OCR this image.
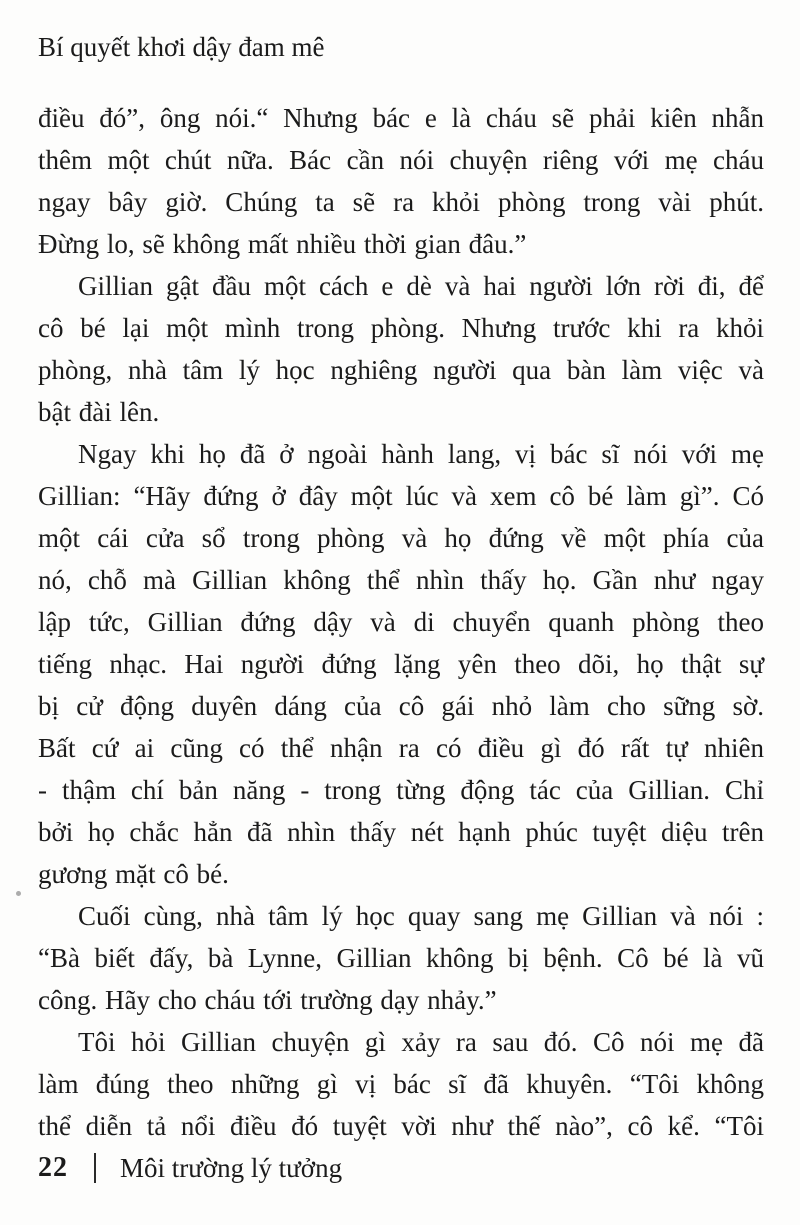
Bí quyết khơi dậy đam mê

điều đó”, ông nói.“ Nhưng bác e là cháu sẽ phải kiên nhẫn
thêm một chút nữa. Bác cần nói chuyện riêng với mẹ cháu
ngay bây giờ. Chúng ta sẽ ra khỏi phòng trong vài phút.
Đừng lo, sẽ không mất nhiều thời gian đâu.”

Gillian gật đầu một cách e dè và hai người lớn rời đi, để
cô bé lại một mình trong phòng. Nhưng trước khi ra khỏi
phòng, nhà tâm lý học nghiêng người qua bàn làm việc và
bật đài lên.

Ngay khi họ đã ở ngoài hành lang, vị bác sĩ nói với mẹ
Gillian: “Hãy đứng ở đây một lúc và xem cô bé làm gì”. Có
một cái cửa sổ trong phòng và họ đứng về một phía của
nó, chỗ mà Gillian không thể nhìn thấy họ. Gần như ngay
lập tức, Gillian đứng dậy và di chuyển quanh phòng theo
tiếng nhạc. Hai người đứng lặng yên theo dõi, họ thật sự
bị cử động duyên dáng của cô gái nhỏ làm cho sững sờ.
Bất cứ ai cũng có thể nhận ra có điều gì đó rất tự nhiên
- thậm chí bản năng - trong từng động tác của Gillian. Chỉ
bởi họ chắc hẳn đã nhìn thấy nét hạnh phúc tuyệt diệu trên
gương mặt cô bé.

Cuối cùng, nhà tâm lý học quay sang mẹ Gillian và nói :
“Bà biết đấy, bà Lynne, Gillian không bị bệnh. Cô bé là vũ
công. Hãy cho cháu tới trường dạy nhảy.”

Tôi hỏi Gillian chuyện gì xảy ra sau đó. Cô nói mẹ đã
làm đúng theo những gì vị bác sĩ đã khuyên. “Tôi không
thể diễn tả nổi điều đó tuyệt vời như thế nào”, cô kể. “Tôi

22 Môi trường lý tưởng
